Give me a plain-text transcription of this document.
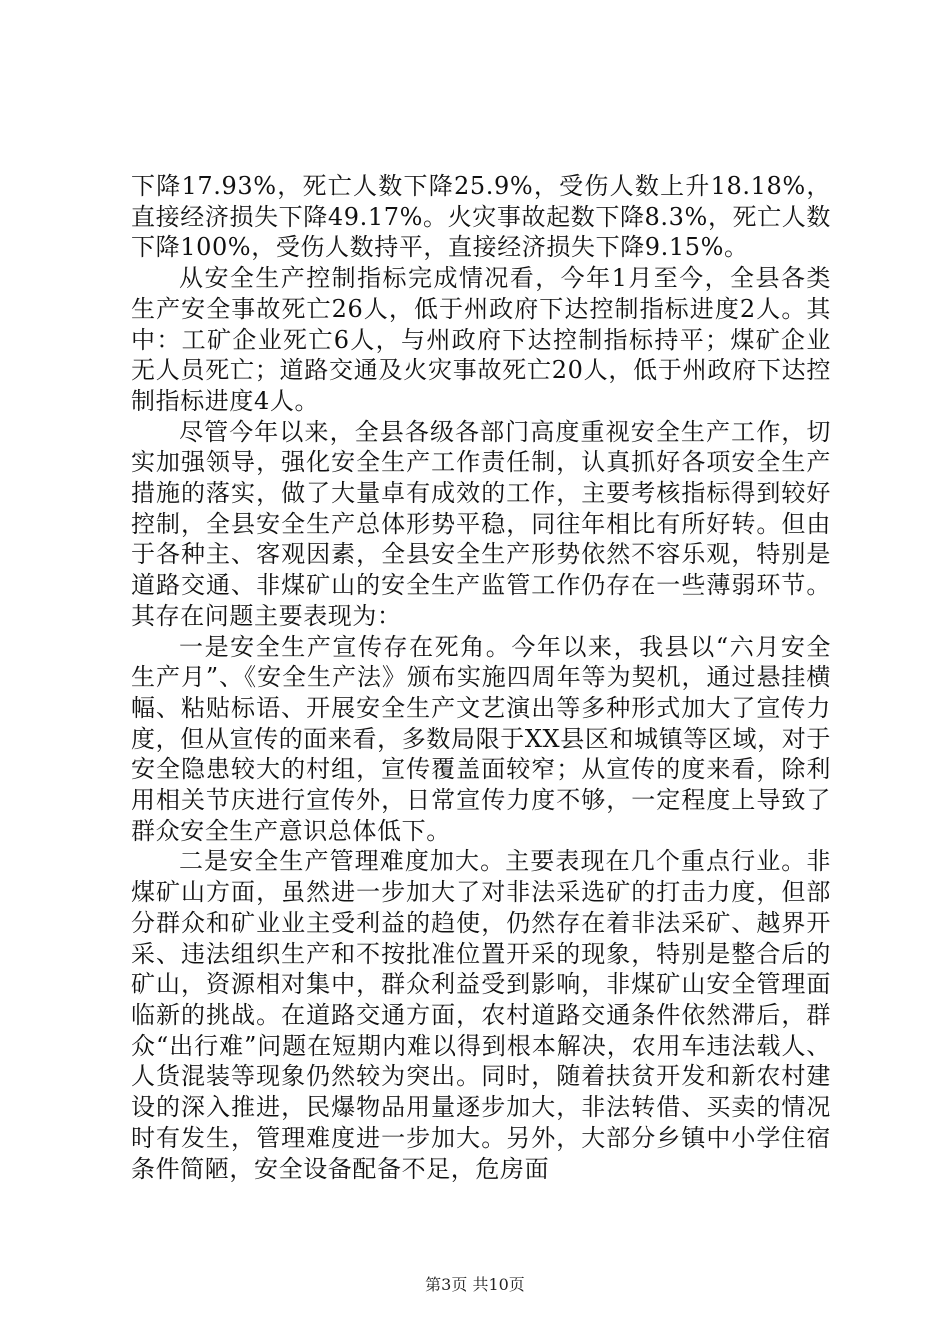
下降17.93%，死亡人数下降25.9%，受伤人数上升18.18%，直接经济损失下降49.17%。火灾事故起数下降8.3%，死亡人数下降100%，受伤人数持平，直接经济损失下降9.15%。

从安全生产控制指标完成情况看，今年1月至今，全县各类生产安全事故死亡26人，低于州政府下达控制指标进度2人。其中：工矿企业死亡6人，与州政府下达控制指标持平；煤矿企业无人员死亡；道路交通及火灾事故死亡20人，低于州政府下达控制指标进度4人。

尽管今年以来，全县各级各部门高度重视安全生产工作，切实加强领导，强化安全生产工作责任制，认真抓好各项安全生产措施的落实，做了大量卓有成效的工作，主要考核指标得到较好控制，全县安全生产总体形势平稳，同往年相比有所好转。但由于各种主、客观因素，全县安全生产形势依然不容乐观，特别是道路交通、非煤矿山的安全生产监管工作仍存在一些薄弱环节。其存在问题主要表现为：

一是安全生产宣传存在死角。今年以来，我县以“六月安全生产月”、《安全生产法》颁布实施四周年等为契机，通过悬挂横幅、粘贴标语、开展安全生产文艺演出等多种形式加大了宣传力度，但从宣传的面来看，多数局限于XX县区和城镇等区域，对于安全隐患较大的村组，宣传覆盖面较窄；从宣传的度来看，除利用相关节庆进行宣传外，日常宣传力度不够，一定程度上导致了群众安全生产意识总体低下。

二是安全生产管理难度加大。主要表现在几个重点行业。非煤矿山方面，虽然进一步加大了对非法采选矿的打击力度，但部分群众和矿业业主受利益的趋使，仍然存在着非法采矿、越界开采、违法组织生产和不按批准位置开采的现象，特别是整合后的矿山，资源相对集中，群众利益受到影响，非煤矿山安全管理面临新的挑战。在道路交通方面，农村道路交通条件依然滞后，群众“出行难”问题在短期内难以得到根本解决，农用车违法载人、人货混装等现象仍然较为突出。同时，随着扶贫开发和新农村建设的深入推进，民爆物品用量逐步加大，非法转借、买卖的情况时有发生，管理难度进一步加大。另外，大部分乡镇中小学住宿条件简陋，安全设备配备不足，危房面

第3页 共10页
